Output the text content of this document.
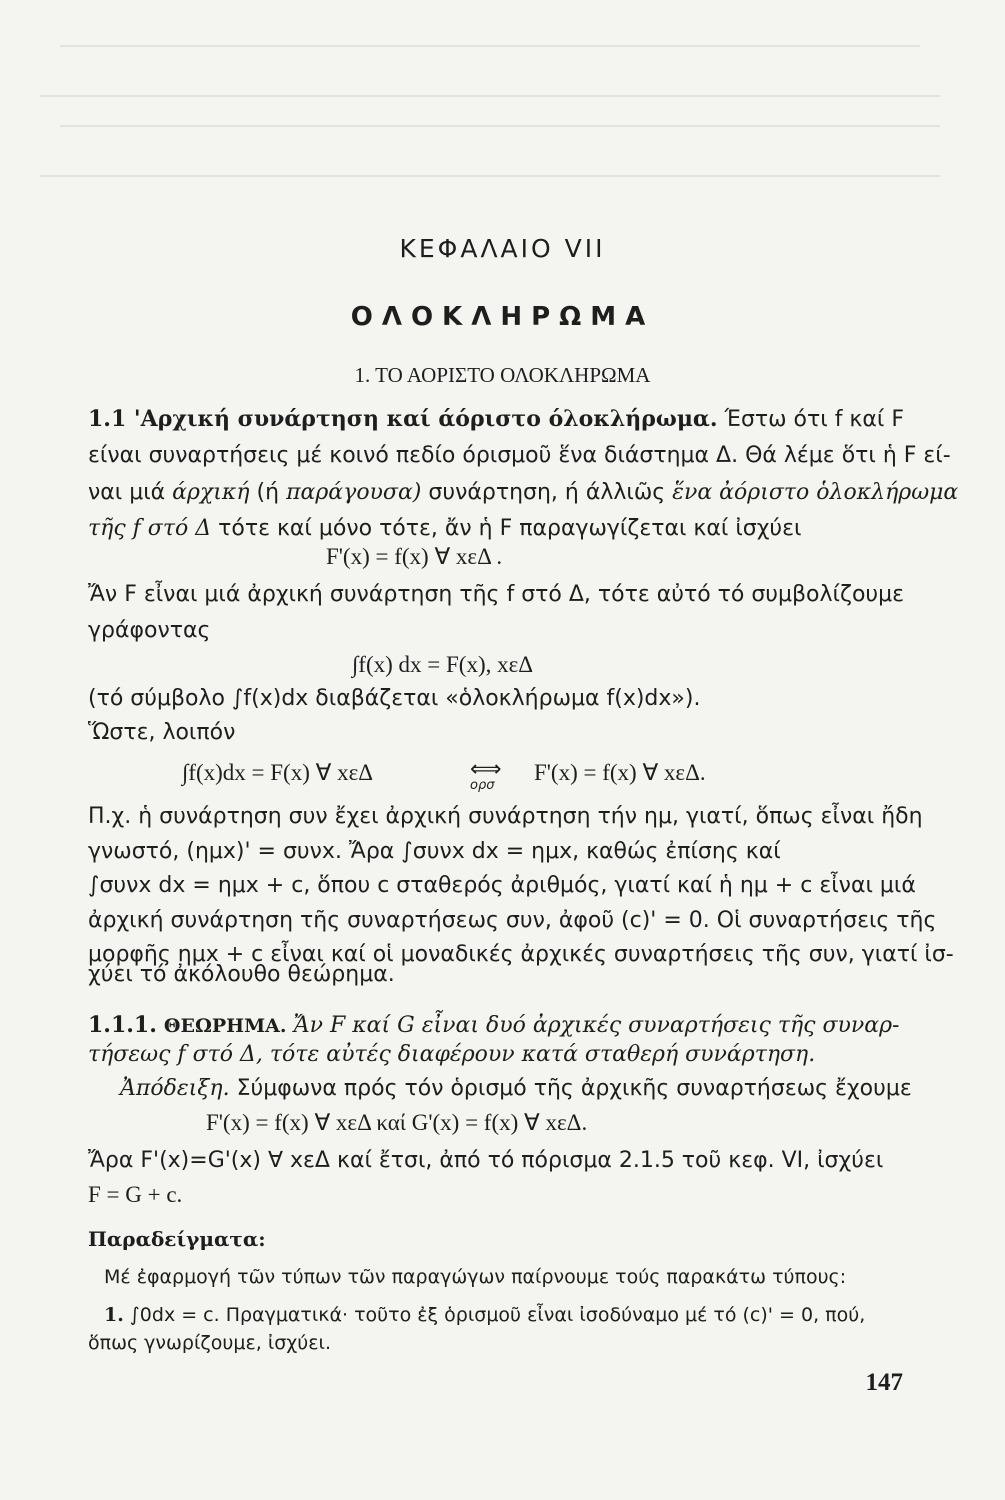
ΚΕΦΑΛΑΙΟ VII
ΟΛΟΚΛΗΡΩΜΑ
1. ΤΟ ΑΟΡΙΣΤΟ ΟΛΟΚΛΗΡΩΜΑ
1.1 'Αρχική συνάρτηση καί άόριστο όλοκλήρωμα. Έστω ότι f καί F
είναι συναρτήσεις μέ κοινό πεδίο όρισμοῦ ἕνα διάστημα Δ. Θά λέμε ὅτι ἡ F εί-
ναι μιά άρχική (ή παράγουσα) συνάρτηση, ή άλλιῶς ἕνα ἀόριστο ὁλοκλήρωμα
τῆς f στό Δ τότε καί μόνο τότε, ἄν ἡ F παραγωγίζεται καί ἰσχύει
F'(x) = f(x) ∀ xεΔ .
Ἄν F εἶναι μιά ἀρχική συνάρτηση τῆς f στό Δ, τότε αὐτό τό συμβολίζουμε
γράφοντας
∫f(x) dx = F(x), xεΔ
(τό σύμβολο ∫f(x)dx διαβάζεται «ὁλοκλήρωμα f(x)dx»).
Ὥστε, λοιπόν
∫f(x)dx = F(x) ∀ xεΔ	⟺
ορσ
F'(x) = f(x) ∀ xεΔ.
Π.χ. ἡ συνάρτηση συν ἔχει ἀρχική συνάρτηση τήν ημ, γιατί, ὅπως εἶναι ἤδη
γνωστό, (ημx)' = συνx. Ἄρα ∫συνx dx = ημx, καθώς ἐπίσης καί
∫συνx dx = ημx + c, ὅπου c σταθερός ἀριθμός, γιατί καί ἡ ημ + c εἶναι μιά
ἀρχική συνάρτηση τῆς συναρτήσεως συν, ἀφοῦ (c)' = 0. Οἱ συναρτήσεις τῆς
μορφῆς ημx + c εἶναι καί οἱ μοναδικές ἀρχικές συναρτήσεις τῆς συν, γιατί ἰσ-
χύει τό ἀκόλουθο θεώρημα.
1.1.1. ΘΕΩΡΗΜΑ. Ἄν F καί G εἶναι δυό ἀρχικές συναρτήσεις τῆς συναρ-
τήσεως f στό Δ, τότε αὐτές διαφέρουν κατά σταθερή συνάρτηση.
Ἀπόδειξη. Σύμφωνα πρός τόν ὁρισμό τῆς ἀρχικῆς συναρτήσεως ἔχουμε
F'(x) = f(x) ∀ xεΔ καί G'(x) = f(x) ∀ xεΔ.
Ἄρα F'(x)=G'(x) ∀ xεΔ καί ἔτσι, ἀπό τό πόρισμα 2.1.5 τοῦ κεφ. VI, ἰσχύει
F = G + c.
Παραδείγματα:
Μέ ἐφαρμογή τῶν τύπων τῶν παραγώγων παίρνουμε τούς παρακάτω τύπους:
1. ∫0dx = c. Πραγματικά· τοῦτο ἐξ ὁρισμοῦ εἶναι ἰσοδύναμο μέ τό (c)' = 0, πού,
ὅπως γνωρίζουμε, ἰσχύει.
147
